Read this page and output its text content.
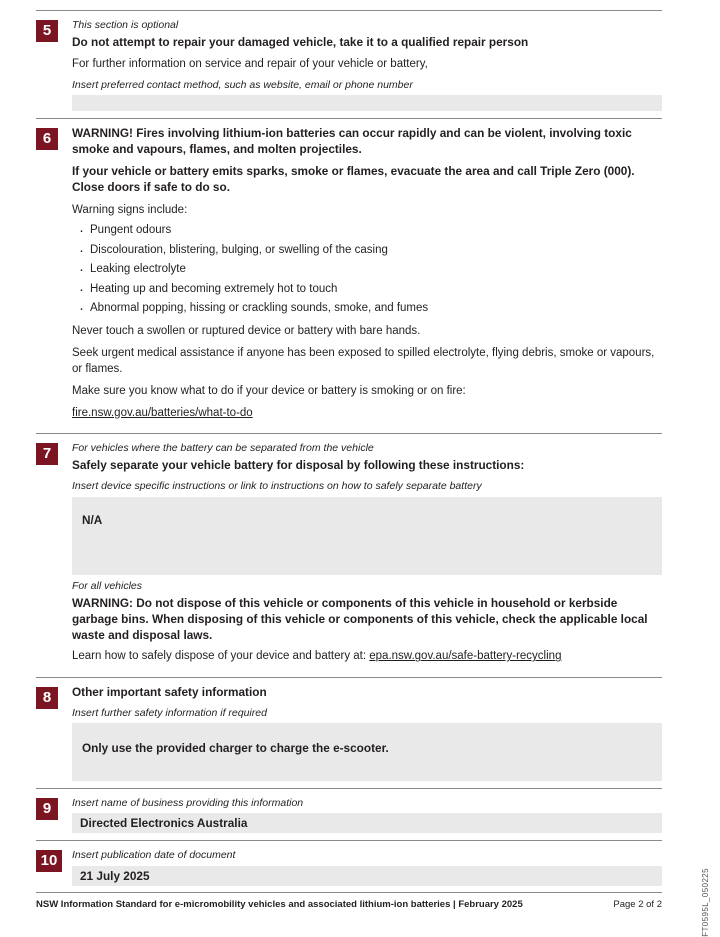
5	This section is optional

Do not attempt to repair your damaged vehicle, take it to a qualified repair person

For further information on service and repair of your vehicle or battery,

Insert preferred contact method, such as website, email or phone number

6	WARNING! Fires involving lithium-ion batteries can occur rapidly and can be violent, involving toxic smoke and vapours, flames, and molten projectiles.

If your vehicle or battery emits sparks, smoke or flames, evacuate the area and call Triple Zero (000). Close doors if safe to do so.

Warning signs include:

· Pungent odours
· Discolouration, blistering, bulging, or swelling of the casing
· Leaking electrolyte
· Heating up and becoming extremely hot to touch
· Abnormal popping, hissing or crackling sounds, smoke, and fumes

Never touch a swollen or ruptured device or battery with bare hands.

Seek urgent medical assistance if anyone has been exposed to spilled electrolyte, flying debris, smoke or vapours, or flames.

Make sure you know what to do if your device or battery is smoking or on fire:

fire.nsw.gov.au/batteries/what-to-do

7	For vehicles where the battery can be separated from the vehicle

Safely separate your vehicle battery for disposal by following these instructions:

Insert device specific instructions or link to instructions on how to safely separate battery

N/A

For all vehicles

WARNING: Do not dispose of this vehicle or components of this vehicle in household or kerbside garbage bins. When disposing of this vehicle or components of this vehicle, check the applicable local waste and disposal laws.

Learn how to safely dispose of your device and battery at: epa.nsw.gov.au/safe-battery-recycling

8	Other important safety information

Insert further safety information if required

Only use the provided charger to charge the e-scooter.
9	Insert name of business providing this information

Directed Electronics Australia
10	Insert publication date of document

21 July 2025	FT0595L_050225
NSW Information Standard for e-micromobility vehicles and associated lithium-ion batteries | February 2025	Page 2 of 2
